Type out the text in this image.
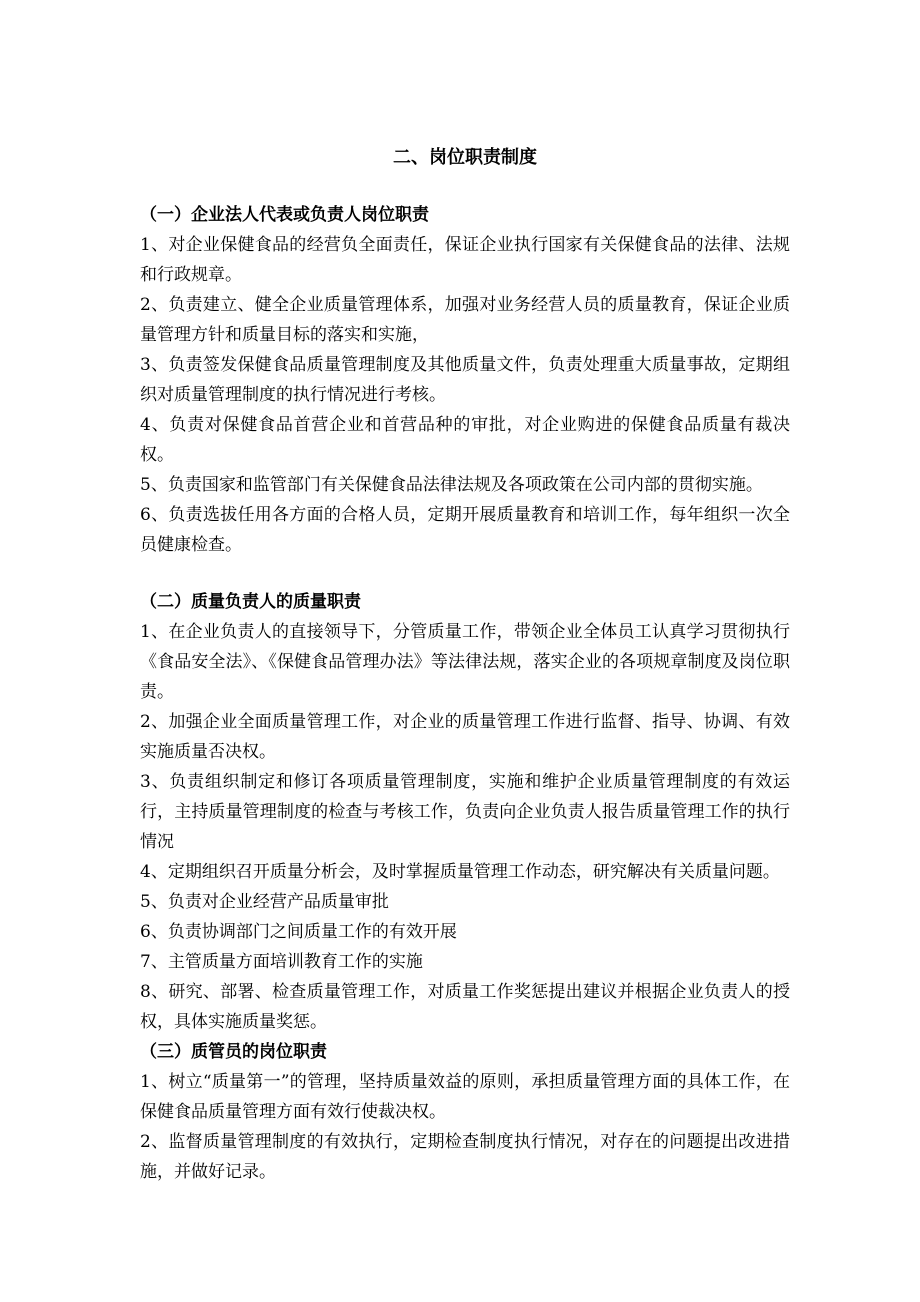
二、岗位职责制度
（一）企业法人代表或负责人岗位职责

1、对企业保健食品的经营负全面责任，保证企业执行国家有关保健食品的法律、法规和行政规章。

2、负责建立、健全企业质量管理体系，加强对业务经营人员的质量教育，保证企业质量管理方针和质量目标的落实和实施，

3、负责签发保健食品质量管理制度及其他质量文件，负责处理重大质量事故，定期组织对质量管理制度的执行情况进行考核。

4、负责对保健食品首营企业和首营品种的审批，对企业购进的保健食品质量有裁决权。

5、负责国家和监管部门有关保健食品法律法规及各项政策在公司内部的贯彻实施。

6、负责选拔任用各方面的合格人员，定期开展质量教育和培训工作，每年组织一次全员健康检查。

（二）质量负责人的质量职责

1、在企业负责人的直接领导下，分管质量工作，带领企业全体员工认真学习贯彻执行《食品安全法》、《保健食品管理办法》等法律法规，落实企业的各项规章制度及岗位职责。

2、加强企业全面质量管理工作，对企业的质量管理工作进行监督、指导、协调、有效实施质量否决权。

3、负责组织制定和修订各项质量管理制度，实施和维护企业质量管理制度的有效运行，主持质量管理制度的检查与考核工作，负责向企业负责人报告质量管理工作的执行情况

4、定期组织召开质量分析会，及时掌握质量管理工作动态，研究解决有关质量问题。

5、负责对企业经营产品质量审批

6、负责协调部门之间质量工作的有效开展

7、主管质量方面培训教育工作的实施

8、研究、部署、检查质量管理工作，对质量工作奖惩提出建议并根据企业负责人的授权，具体实施质量奖惩。

（三）质管员的岗位职责

1、树立“质量第一”的管理，坚持质量效益的原则，承担质量管理方面的具体工作，在保健食品质量管理方面有效行使裁决权。

2、监督质量管理制度的有效执行，定期检查制度执行情况，对存在的问题提出改进措施，并做好记录。
